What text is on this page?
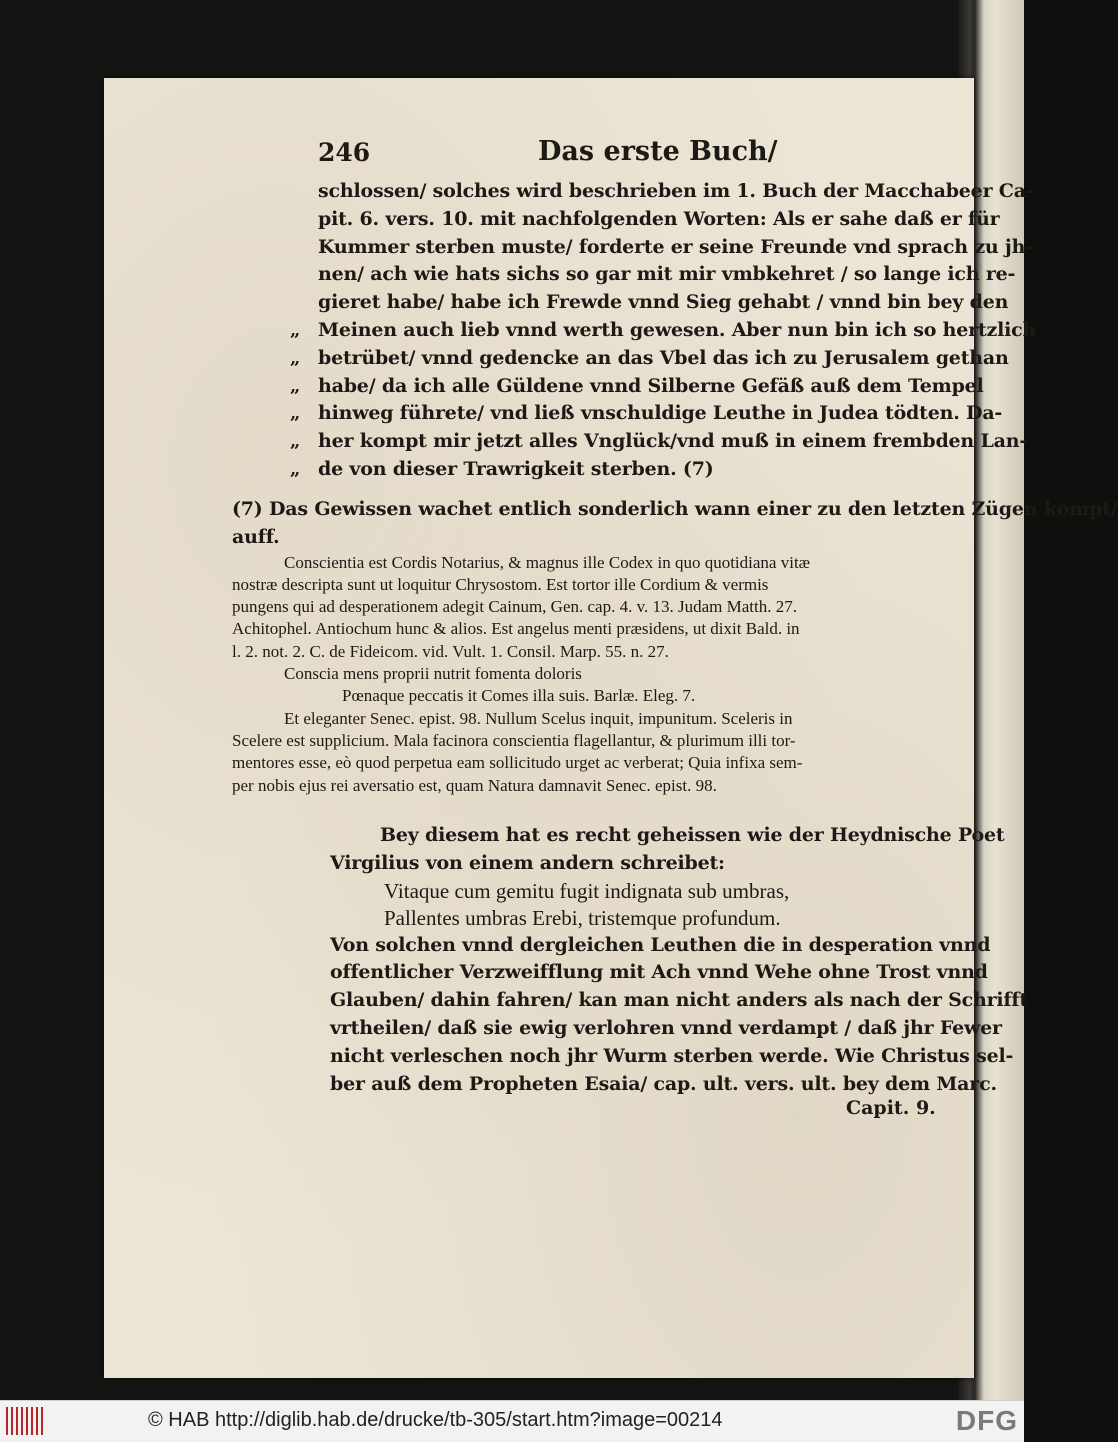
246	Das erste Buch/
schlossen/ solches wird beschrieben im 1. Buch der Macchabeer Ca-
pit. 6. vers. 10. mit nachfolgenden Worten: Als er sahe daß er für
Kummer sterben muste/ forderte er seine Freunde vnd sprach zu jh-
nen/ ach wie hats sichs so gar mit mir vmbkehret / so lange ich re-
gieret habe/ habe ich Frewde vnnd Sieg gehabt / vnnd bin bey den
„ Meinen auch lieb vnnd werth gewesen. Aber nun bin ich so hertzlich
„ betrübet/ vnnd gedencke an das Vbel das ich zu Jerusalem gethan
„ habe/ da ich alle Güldene vnnd Silberne Gefäß auß dem Tempel
„ hinweg führete/ vnd ließ vnschuldige Leuthe in Judea tödten. Da-
„ her kompt mir jetzt alles Vnglück/vnd muß in einem frembden Lan-
„ de von dieser Trawrigkeit sterben. (7)
(7) Das Gewissen wachet entlich sonderlich wann einer zu den letzten Zügen kompt/
auff.
Conscientia est Cordis Notarius, & magnus ille Codex in quo quotidiana vitæ
nostræ descripta sunt ut loquitur Chrysostom. Est tortor ille Cordium & vermis
pungens qui ad desperationem adegit Cainum, Gen. cap. 4. v. 13. Judam Matth. 27.
Achitophel. Antiochum hunc & alios. Est angelus menti præsidens, ut dixit Bald. in
l. 2. not. 2. C. de Fideicom. vid. Vult. 1. Consil. Marp. 55. n. 27.
Conscia mens proprii nutrit fomenta doloris
Pœnaque peccatis it Comes illa suis. Barlæ. Eleg. 7.
Et eleganter Senec. epist. 98. Nullum Scelus inquit, impunitum. Sceleris in
Scelere est supplicium. Mala facinora conscientia flagellantur, & plurimum illi tor-
mentores esse, eò quod perpetua eam sollicitudo urget ac verberat; Quia infixa sem-
per nobis ejus rei aversatio est, quam Natura damnavit Senec. epist. 98.
Bey diesem hat es recht geheissen wie der Heydnische Poet
Virgilius von einem andern schreibet:
Vitaque cum gemitu fugit indignata sub umbras,
Pallentes umbras Erebi, tristemque profundum.
Von solchen vnnd dergleichen Leuthen die in desperation vnnd
offentlicher Verzweifflung mit Ach vnnd Wehe ohne Trost vnnd
Glauben/ dahin fahren/ kan man nicht anders als nach der Schrifft
vrtheilen/ daß sie ewig verlohren vnnd verdampt / daß jhr Fewer
nicht verleschen noch jhr Wurm sterben werde. Wie Christus sel-
ber auß dem Propheten Esaia/ cap. ult. vers. ult. bey dem Marc.
Capit. 9.
© HAB http://diglib.hab.de/drucke/tb-305/start.htm?image=00214	DFG
